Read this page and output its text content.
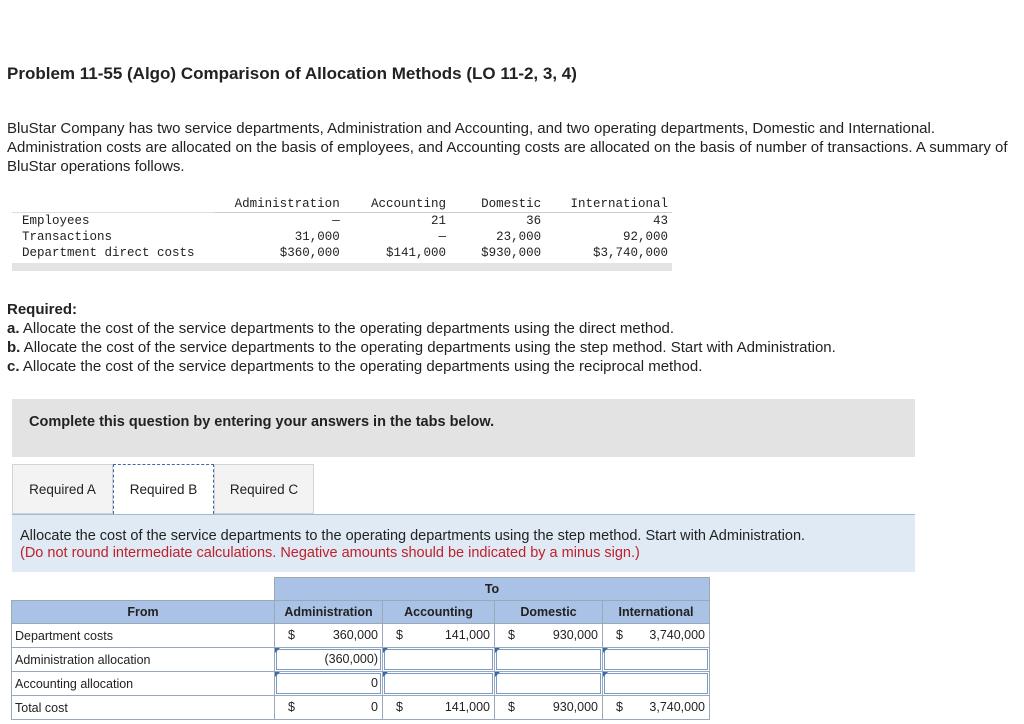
Problem 11-55 (Algo) Comparison of Allocation Methods (LO 11-2, 3, 4)
BluStar Company has two service departments, Administration and Accounting, and two operating departments, Domestic and International. Administration costs are allocated on the basis of employees, and Accounting costs are allocated on the basis of number of transactions. A summary of BluStar operations follows.
	Administration	Accounting	Domestic	International
Employees	—	21	36	43
Transactions	31,000	—	23,000	92,000
Department direct costs	$360,000	$141,000	$930,000	$3,740,000
Required:
a. Allocate the cost of the service departments to the operating departments using the direct method.
b. Allocate the cost of the service departments to the operating departments using the step method. Start with Administration.
c. Allocate the cost of the service departments to the operating departments using the reciprocal method.
Complete this question by entering your answers in the tabs below.
Required A	Required B	Required C
Allocate the cost of the service departments to the operating departments using the step method. Start with Administration.
(Do not round intermediate calculations. Negative amounts should be indicated by a minus sign.)
	To			
From	Administration	Accounting	Domestic	International
Department costs	$ 360,000	$ 141,000	$ 930,000	$ 3,740,000

Administration allocation	(360,000)			

Accounting allocation	0			

Total cost	$ 0	$ 141,000	$ 930,000	$ 3,740,000
